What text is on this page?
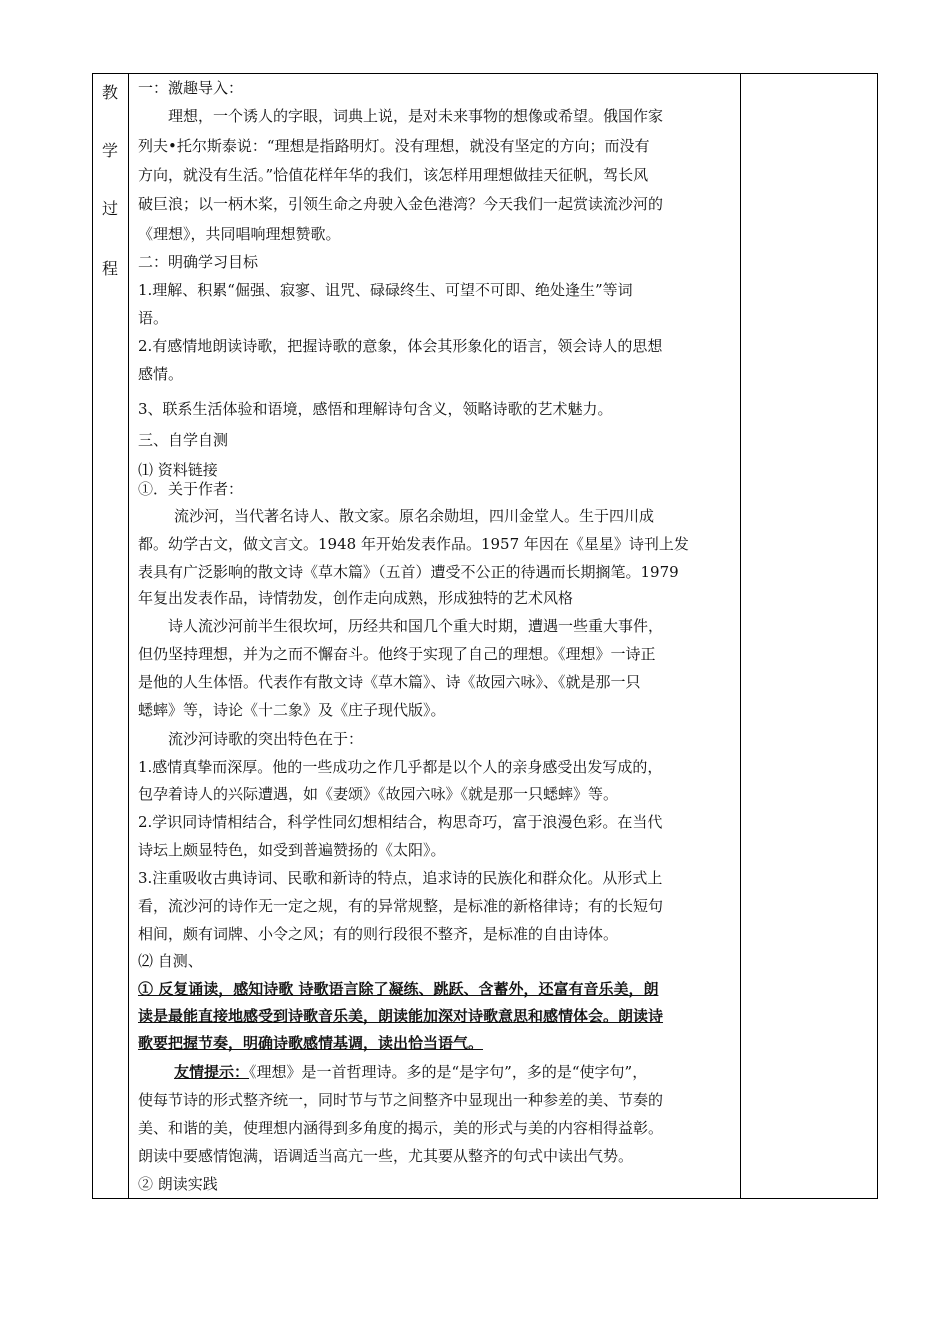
教
学
过
程
一：激趣导入：
理想，一个诱人的字眼，词典上说，是对未来事物的想像或希望。俄国作家
列夫•托尔斯泰说：“理想是指路明灯。没有理想，就没有坚定的方向；而没有
方向，就没有生活。”恰值花样年华的我们，该怎样用理想做挂天征帆，驾长风
破巨浪；以一柄木桨，引领生命之舟驶入金色港湾？今天我们一起赏读流沙河的
《理想》，共同唱响理想赞歌。
二：明确学习目标
1.理解、积累“倔强、寂寥、诅咒、碌碌终生、可望不可即、绝处逢生”等词
语。
2.有感情地朗读诗歌，把握诗歌的意象，体会其形象化的语言，领会诗人的思想
感情。
3、联系生活体验和语境，感悟和理解诗句含义，领略诗歌的艺术魅力。
三、自学自测
⑴ 资料链接
①．关于作者：
流沙河，当代著名诗人、散文家。原名余勋坦，四川金堂人。生于四川成
都。幼学古文，做文言文。1948 年开始发表作品。1957 年因在《星星》诗刊上发
表具有广泛影响的散文诗《草木篇》（五首）遭受不公正的待遇而长期搁笔。1979
年复出发表作品，诗情勃发，创作走向成熟，形成独特的艺术风格
诗人流沙河前半生很坎坷，历经共和国几个重大时期，遭遇一些重大事件，
但仍坚持理想，并为之而不懈奋斗。他终于实现了自己的理想。《理想》一诗正
是他的人生体悟。代表作有散文诗《草木篇》、诗《故园六咏》、《就是那一只
蟋蟀》等，诗论《十二象》及《庄子现代版》。
流沙河诗歌的突出特色在于：
1.感情真挚而深厚。他的一些成功之作几乎都是以个人的亲身感受出发写成的，
包孕着诗人的兴际遭遇，如《妻颂》《故园六咏》《就是那一只蟋蟀》等。
2.学识同诗情相结合，科学性同幻想相结合，构思奇巧，富于浪漫色彩。在当代
诗坛上颇显特色，如受到普遍赞扬的《太阳》。
3.注重吸收古典诗词、民歌和新诗的特点，追求诗的民族化和群众化。从形式上
看，流沙河的诗作无一定之规，有的异常规整，是标准的新格律诗；有的长短句
相间，颇有词牌、小令之风；有的则行段很不整齐，是标准的自由诗体。
⑵ 自测、
① 反复诵读，感知诗歌 诗歌语言除了凝练、跳跃、含蓄外，还富有音乐美，朗
读是最能直接地感受到诗歌音乐美，朗读能加深对诗歌意思和感情体会。朗读诗
歌要把握节奏，明确诗歌感情基调，读出恰当语气。
友情提示：《理想》是一首哲理诗。多的是“是字句”，多的是“使字句”，
使每节诗的形式整齐统一，同时节与节之间整齐中显现出一种参差的美、节奏的
美、和谐的美，使理想内涵得到多角度的揭示，美的形式与美的内容相得益彰。
朗读中要感情饱满，语调适当高亢一些，尤其要从整齐的句式中读出气势。
② 朗读实践
